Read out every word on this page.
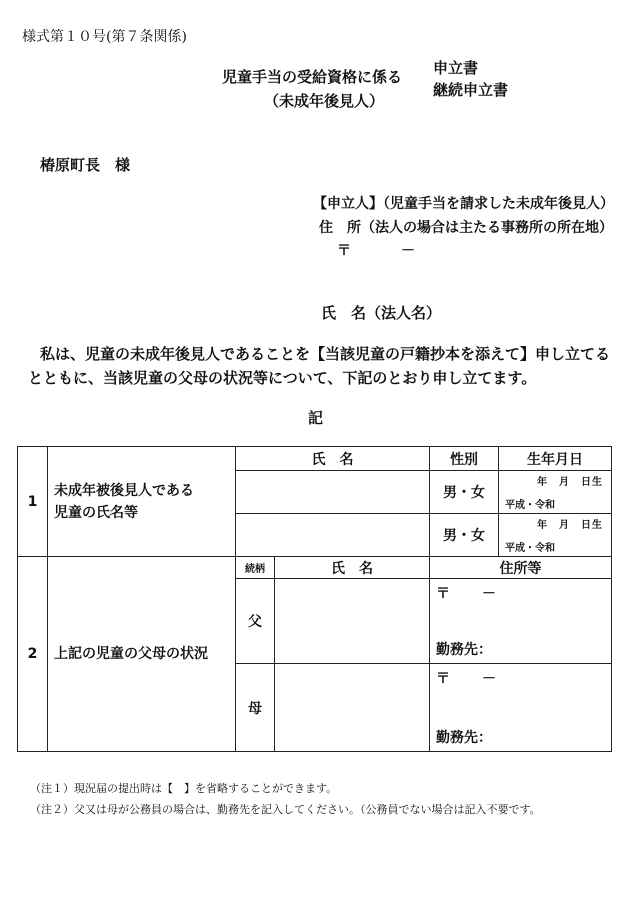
様式第１０号(第７条関係)
児童手当の受給資格に係る
（未成年後見人）
申立書
継続申立書
椿原町長　様
【申立人】（児童手当を請求した未成年後見人）
住　所（法人の場合は主たる事務所の所在地）
〒	－
氏　名（法人名）
私は、児童の未成年後見人であることを【当該児童の戸籍抄本を添えて】申し立てるとともに、当該児童の父母の状況等について、下記のとおり申し立てます。
記
1	未成年被後見人である
児童の氏名等	氏　名		性別	生年月日
				男・女	平成・令和
年　月　日生

				男・女	平成・令和
年　月　日生

2	上記の児童の父母の状況	続柄	氏　名	住所等	
		父		〒 －
勤務先：	

		母		〒 －
勤務先：	
（注１）現況届の提出時は【　】を省略することができます。
（注２）父又は母が公務員の場合は、勤務先を記入してください。（公務員でない場合は記入不要です。
